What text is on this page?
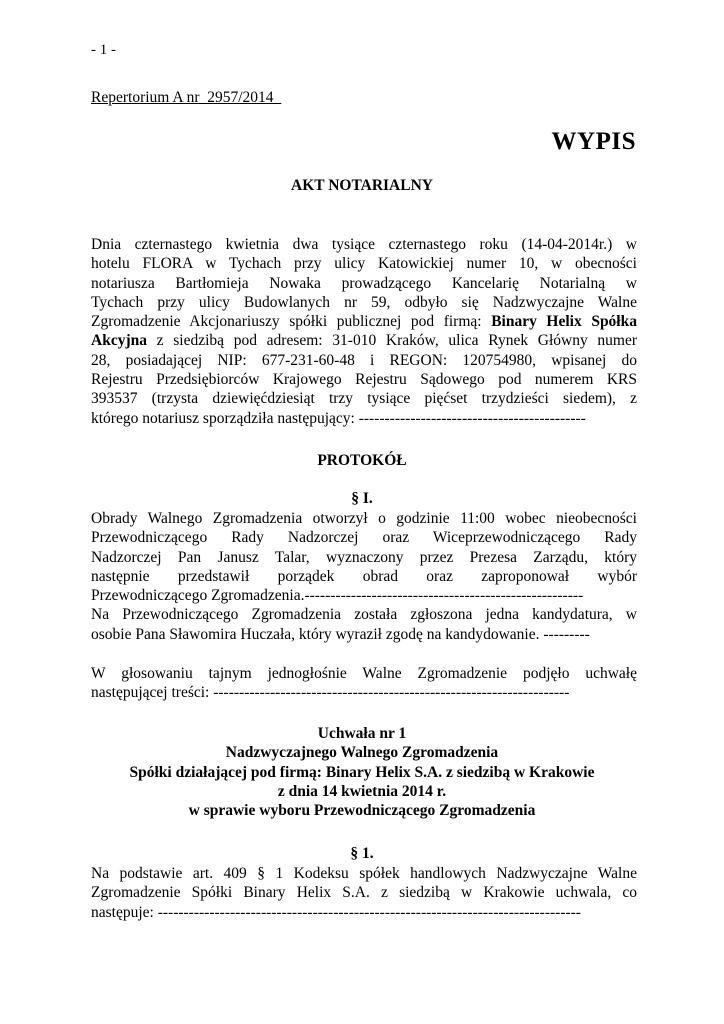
- 1 -
Repertorium A nr  2957/2014
WYPIS
AKT NOTARIALNY
Dnia czternastego kwietnia dwa tysiące czternastego roku (14-04-2014r.) w
hotelu FLORA w Tychach przy ulicy Katowickiej numer 10, w obecności
notariusza Bartłomieja Nowaka prowadzącego Kancelarię Notarialną w
Tychach przy ulicy Budowlanych nr 59, odbyło się Nadzwyczajne Walne
Zgromadzenie Akcjonariuszy spółki publicznej pod firmą: Binary Helix Spółka
Akcyjna z siedzibą pod adresem: 31-010 Kraków, ulica Rynek Główny numer
28, posiadającej NIP: 677-231-60-48 i REGON: 120754980, wpisanej do
Rejestru Przedsiębiorców Krajowego Rejestru Sądowego pod numerem KRS
393537 (trzysta dziewięćdziesiąt trzy tysiące pięćset trzydzieści siedem), z
którego notariusz sporządziła następujący: --------------------------------------------
PROTOKÓŁ
§ I.
Obrady Walnego Zgromadzenia otworzył o godzinie 11:00 wobec nieobecności
Przewodniczącego Rady Nadzorczej oraz Wiceprzewodniczącego Rady
Nadzorczej Pan Janusz Talar, wyznaczony przez Prezesa Zarządu, który
następnie przedstawił porządek obrad oraz zaproponował wybór
Przewodniczącego Zgromadzenia.------------------------------------------------------
Na Przewodniczącego Zgromadzenia została zgłoszona jedna kandydatura, w
osobie Pana Sławomira Huczała, który wyraził zgodę na kandydowanie. ---------
W głosowaniu tajnym jednogłośnie Walne Zgromadzenie podjęło uchwałę
następującej treści: ---------------------------------------------------------------------
Uchwała nr 1
Nadzwyczajnego Walnego Zgromadzenia
Spółki działającej pod firmą: Binary Helix S.A. z siedzibą w Krakowie
z dnia 14 kwietnia 2014 r.
w sprawie wyboru Przewodniczącego Zgromadzenia
§ 1.
Na podstawie art. 409 § 1 Kodeksu spółek handlowych Nadzwyczajne Walne
Zgromadzenie Spółki Binary Helix S.A. z siedzibą w Krakowie uchwala, co
następuje: ----------------------------------------------------------------------------------
